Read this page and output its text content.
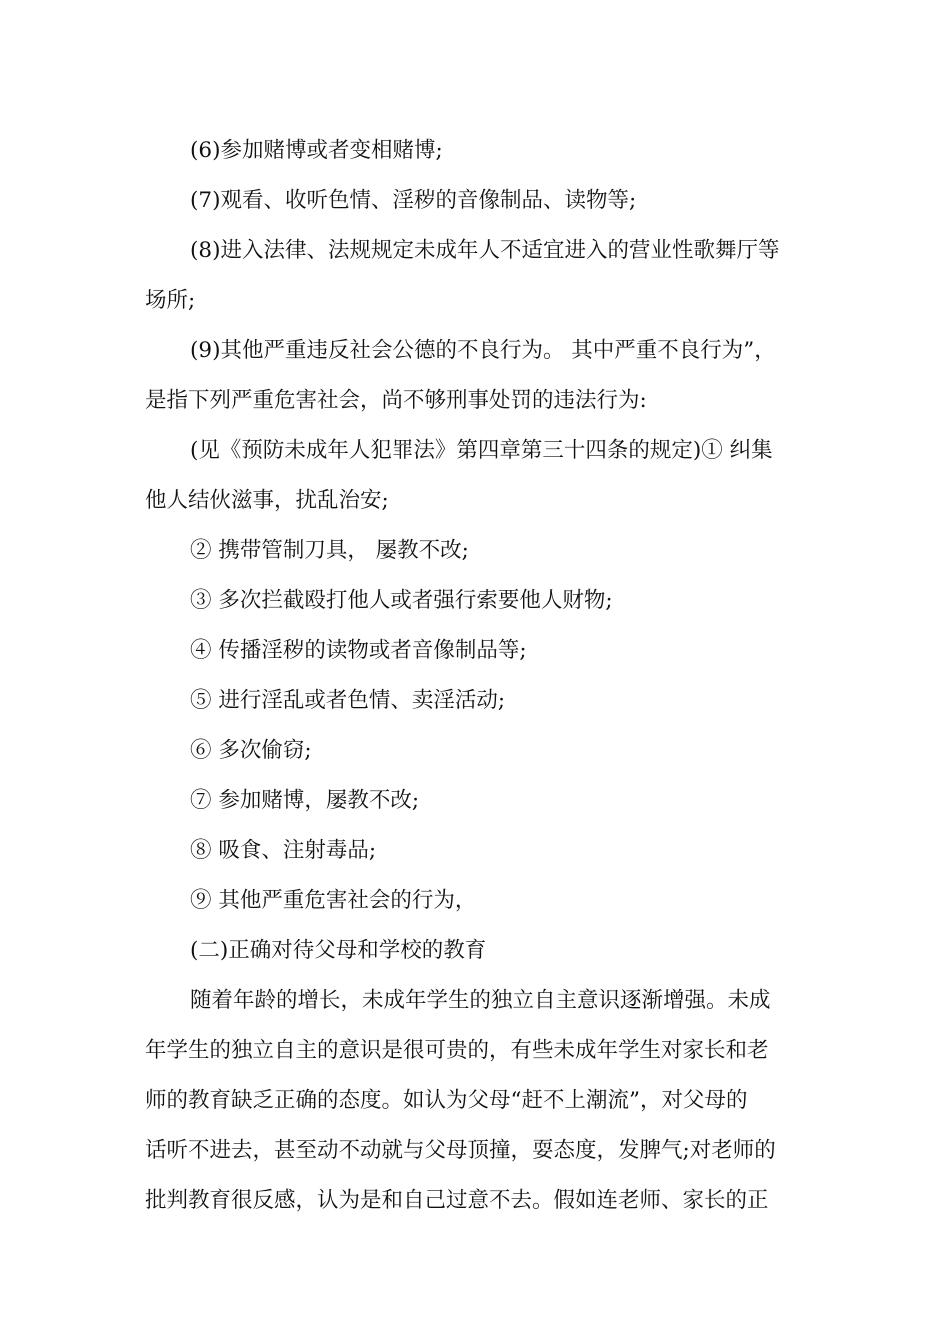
(6)参加赌博或者变相赌博;
(7)观看、收听色情、淫秽的音像制品、读物等;
(8)进入法律、法规规定未成年人不适宜进入的营业性歌舞厅等
场所;
(9)其他严重违反社会公德的不良行为。 其中严重不良行为”，
是指下列严重危害社会，尚不够刑事处罚的违法行为:
(见《预防未成年人犯罪法》第四章第三十四条的规定)① 纠集
他人结伙滋事，扰乱治安;
② 携带管制刀具， 屡教不改;
③ 多次拦截殴打他人或者强行索要他人财物;
④ 传播淫秽的读物或者音像制品等;
⑤ 进行淫乱或者色情、卖淫活动;
⑥ 多次偷窃;
⑦ 参加赌博，屡教不改;
⑧ 吸食、注射毒品;
⑨ 其他严重危害社会的行为，
(二)正确对待父母和学校的教育
随着年龄的增长，未成年学生的独立自主意识逐渐增强。未成
年学生的独立自主的意识是很可贵的，有些未成年学生对家长和老
师的教育缺乏正确的态度。如认为父母“赶不上潮流”，对父母的
话听不进去，甚至动不动就与父母顶撞，耍态度，发脾气;对老师的
批判教育很反感，认为是和自己过意不去。假如连老师、家长的正
